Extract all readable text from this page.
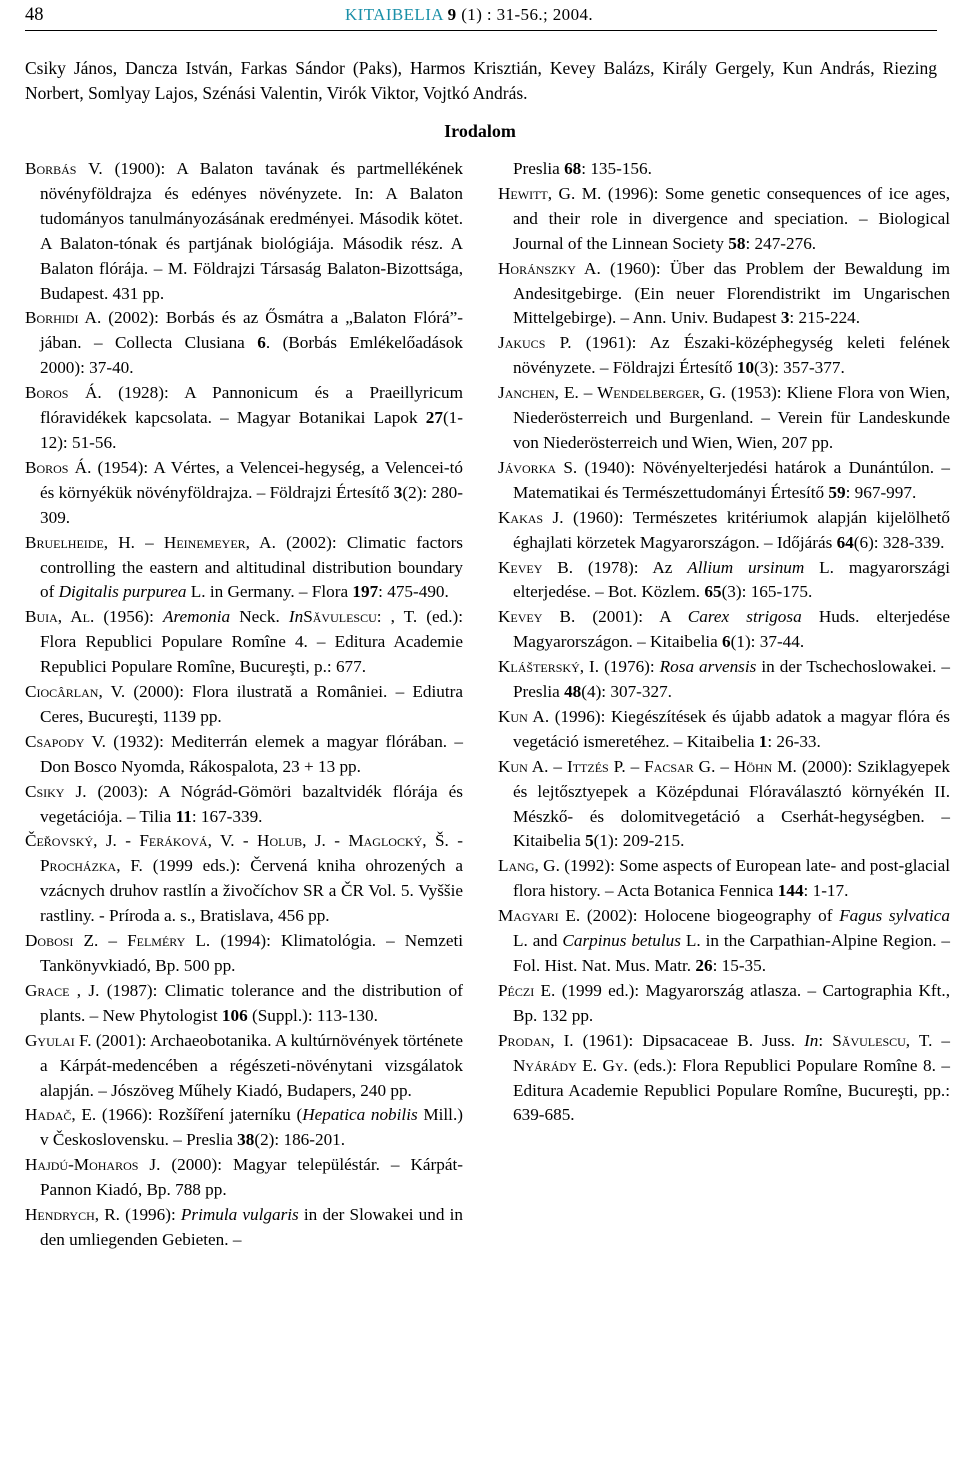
48	KITAIBELIA 9 (1) : 31-56.; 2004.

Csiky János, Dancza István, Farkas Sándor (Paks), Harmos Krisztián, Kevey Balázs, Király Gergely, Kun András, Riezing Norbert, Somlyay Lajos, Szénási Valentin, Virók Viktor, Vojtkó András.

Irodalom

Borbás V. (1900): A Balaton tavának és partmellékének növényföldrajza és edényes növényzete. In: A Balaton tudományos tanulmányozásának eredményei. Második kötet. A Balaton-tónak és partjának biológiája. Második rész. A Balaton flórája. – M. Földrajzi Társaság Balaton-Bizottsága, Budapest. 431 pp.

Borhidi A. (2002): Borbás és az Ősmátra a „Balaton Flórá”-jában. – Collecta Clusiana 6. (Borbás Emlékelőadások 2000): 37-40.

Boros Á. (1928): A Pannonicum és a Praeillyricum flóravidékek kapcsolata. – Magyar Botanikai Lapok 27(1-12): 51-56.

Boros Á. (1954): A Vértes, a Velencei-hegység, a Velencei-tó és környékük növényföldrajza. – Földrajzi Értesítő 3(2): 280-309.

Bruelheide, H. – Heinemeyer, A. (2002): Climatic factors controlling the eastern and altitudinal distribution boundary of Digitalis purpurea L. in Germany. – Flora 197: 475-490.

Buia, Al. (1956): Aremonia Neck. InSăvulescu: , T. (ed.): Flora Republici Populare Romîne 4. – Editura Academie Republici Populare Romîne, Bucureşti, p.: 677.

Ciocârlan, V. (2000): Flora ilustrată a Romȃniei. – Ediutra Ceres, Bucureşti, 1139 pp.

Csapody V. (1932): Mediterrán elemek a magyar flórában. – Don Bosco Nyomda, Rákospalota, 23 + 13 pp.

Csiky J. (2003): A Nógrád-Gömöri bazaltvidék flórája és vegetációja. – Tilia 11: 167-339.

Čeřovský, J. - Feráková, V. - Holub, J. - Maglocký, Š. - Procházka, F. (1999 eds.): Červená kniha ohrozených a vzácnych druhov rastlín a živočíchov SR a ČR Vol. 5. Vyššie rastliny. - Príroda a. s., Bratislava, 456 pp.

Dobosi Z. – Felméry L. (1994): Klimatológia. – Nemzeti Tankönyvkiadó, Bp. 500 pp.

Grace , J. (1987): Climatic tolerance and the distribution of plants. – New Phytologist 106 (Suppl.): 113-130.

Gyulai F. (2001): Archaeobotanika. A kultúrnövények története a Kárpát-medencében a régészeti-növénytani vizsgálatok alapján. – Jószöveg Műhely Kiadó, Budapers, 240 pp.

Hadač, E. (1966): Rozšíření jaterníku (Hepatica nobilis Mill.) v Československu. – Preslia 38(2): 186-201.

Hajdú-Moharos J. (2000): Magyar településtár. – Kárpát-Pannon Kiadó, Bp. 788 pp.

Hendrych, R. (1996): Primula vulgaris in der Slowakei und in den umliegenden Gebieten. –

Preslia 68: 135-156.

Hewitt, G. M. (1996): Some genetic consequences of ice ages, and their role in divergence and speciation. – Biological Journal of the Linnean Society 58: 247-276.

Horánszky A. (1960): Über das Problem der Bewaldung im Andesitgebirge. (Ein neuer Florendistrikt im Ungarischen Mittelgebirge). – Ann. Univ. Budapest 3: 215-224.

Jakucs P. (1961): Az Északi-középhegység keleti felének növényzete. – Földrajzi Értesítő 10(3): 357-377.

Janchen, E. – Wendelberger, G. (1953): Kliene Flora von Wien, Niederösterreich und Burgenland. – Verein für Landeskunde von Niederösterreich und Wien, Wien, 207 pp.

Jávorka S. (1940): Növényelterjedési határok a Dunántúlon. – Matematikai és Természettudományi Értesítő 59: 967-997.

Kakas J. (1960): Természetes kritériumok alapján kijelölhető éghajlati körzetek Magyarországon. – Időjárás 64(6): 328-339.

Kevey B. (1978): Az Allium ursinum L. magyarországi elterjedése. – Bot. Közlem. 65(3): 165-175.

Kevey B. (2001): A Carex strigosa Huds. elterjedése Magyarországon. – Kitaibelia 6(1): 37-44.

Klášterský, I. (1976): Rosa arvensis in der Tschechoslowakei. – Preslia 48(4): 307-327.

Kun A. (1996): Kiegészítések és újabb adatok a magyar flóra és vegetáció ismeretéhez. – Kitaibelia 1: 26-33.

Kun A. – Ittzés P. – Facsar G. – Höhn M. (2000): Sziklagyepek és lejtősztyepek a Középdunai Flóraválasztó környékén II. Mészkő- és dolomitvegetáció a Cserhát-hegységben. – Kitaibelia 5(1): 209-215.

Lang, G. (1992): Some aspects of European late- and post-glacial flora history. – Acta Botanica Fennica 144: 1-17.

Magyari E. (2002): Holocene biogeography of Fagus sylvatica L. and Carpinus betulus L. in the Carpathian-Alpine Region. – Fol. Hist. Nat. Mus. Matr. 26: 15-35.

Péczi E. (1999 ed.): Magyarország atlasza. – Cartographia Kft., Bp. 132 pp.

Prodan, I. (1961): Dipsacaceae B. Juss. In: Săvulescu, T. – Nyárády E. Gy. (eds.): Flora Republici Populare Romîne 8. – Editura Academie Republici Populare Romîne, Bucureşti, pp.: 639-685.
